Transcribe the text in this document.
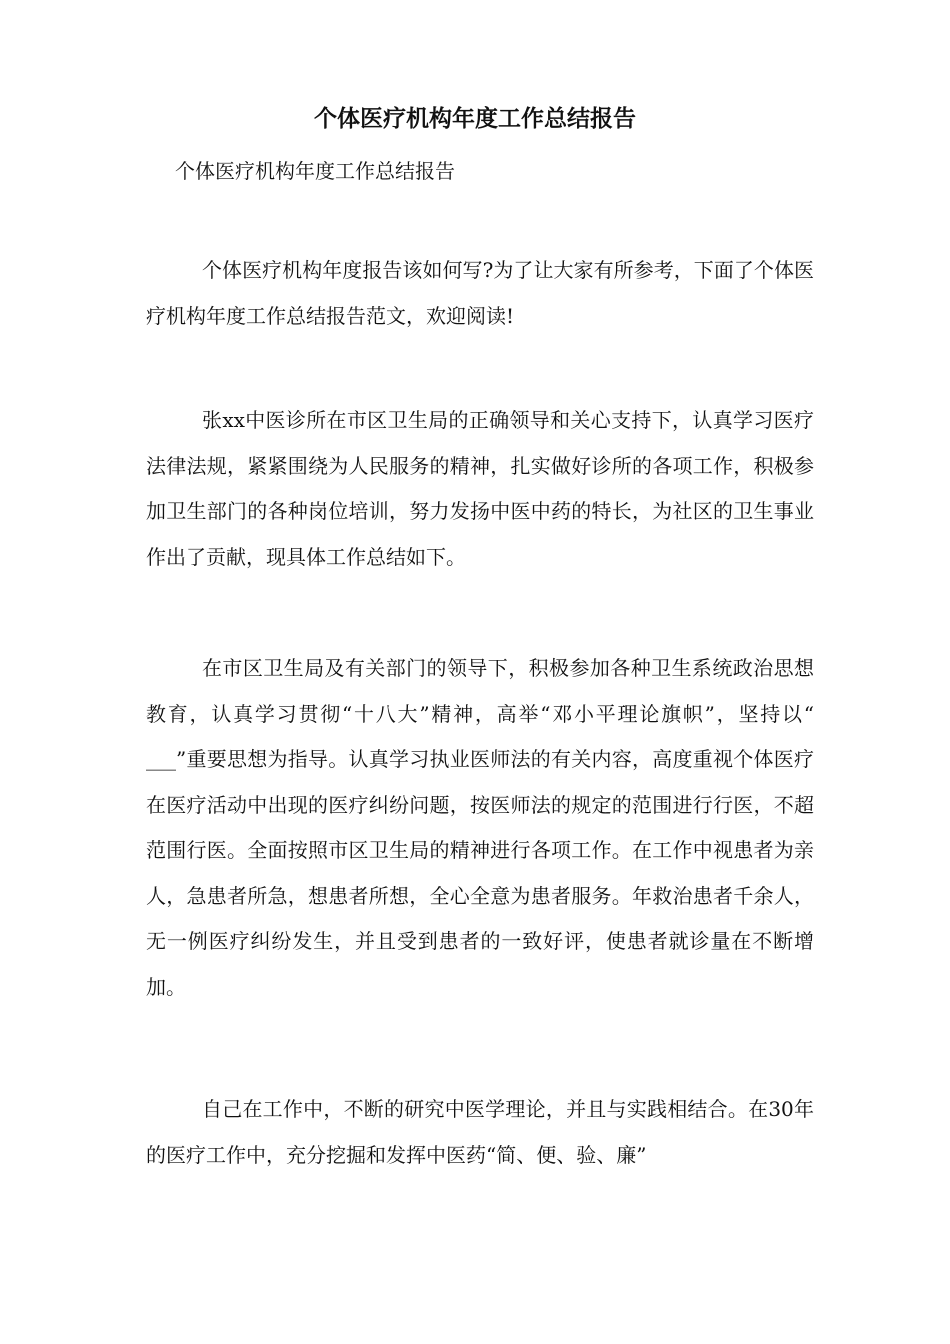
个体医疗机构年度工作总结报告

个体医疗机构年度工作总结报告

个体医疗机构年度报告该如何写?为了让大家有所参考，下面了个体医疗机构年度工作总结报告范文，欢迎阅读!

张xx中医诊所在市区卫生局的正确领导和关心支持下，认真学习医疗法律法规，紧紧围绕为人民服务的精神，扎实做好诊所的各项工作，积极参加卫生部门的各种岗位培训，努力发扬中医中药的特长，为社区的卫生事业作出了贡献，现具体工作总结如下。

在市区卫生局及有关部门的领导下，积极参加各种卫生系统政治思想教育，认真学习贯彻“十八大”精神，高举“邓小平理论旗帜”，坚持以“ ___”重要思想为指导。认真学习执业医师法的有关内容，高度重视个体医疗在医疗活动中出现的医疗纠纷问题，按医师法的规定的范围进行行医，不超范围行医。全面按照市区卫生局的精神进行各项工作。在工作中视患者为亲人，急患者所急，想患者所想，全心全意为患者服务。年救治患者千余人，无一例医疗纠纷发生，并且受到患者的一致好评，使患者就诊量在不断增加。

自己在工作中，不断的研究中医学理论，并且与实践相结合。在30年的医疗工作中，充分挖掘和发挥中医药“简、便、验、廉”
